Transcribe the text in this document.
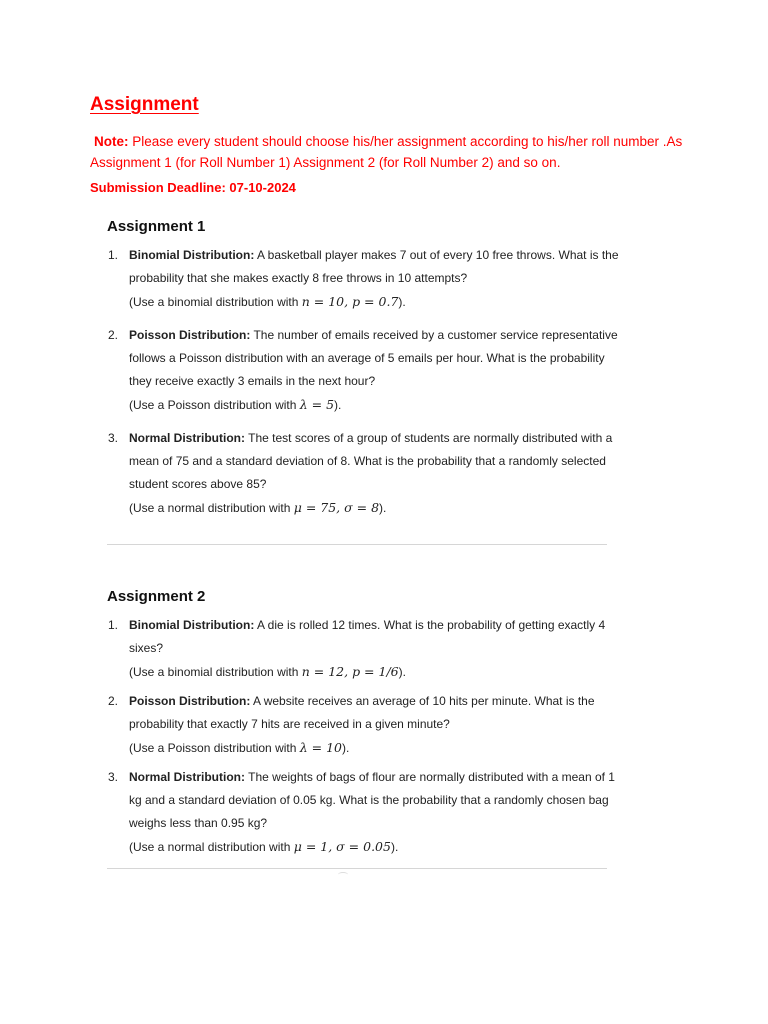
Assignment
Note: Please every student should choose his/her assignment according to his/her roll number .As Assignment 1 (for Roll Number 1) Assignment 2 (for Roll Number 2) and so on.
Submission Deadline: 07-10-2024
Assignment 1
1. Binomial Distribution: A basketball player makes 7 out of every 10 free throws. What is the probability that she makes exactly 8 free throws in 10 attempts?
(Use a binomial distribution with n = 10, p = 0.7).
2. Poisson Distribution: The number of emails received by a customer service representative follows a Poisson distribution with an average of 5 emails per hour. What is the probability they receive exactly 3 emails in the next hour?
(Use a Poisson distribution with λ = 5).
3. Normal Distribution: The test scores of a group of students are normally distributed with a mean of 75 and a standard deviation of 8. What is the probability that a randomly selected student scores above 85?
(Use a normal distribution with μ = 75, σ = 8).
Assignment 2
1. Binomial Distribution: A die is rolled 12 times. What is the probability of getting exactly 4 sixes?
(Use a binomial distribution with n = 12, p = 1/6).
2. Poisson Distribution: A website receives an average of 10 hits per minute. What is the probability that exactly 7 hits are received in a given minute?
(Use a Poisson distribution with λ = 10).
3. Normal Distribution: The weights of bags of flour are normally distributed with a mean of 1 kg and a standard deviation of 0.05 kg. What is the probability that a randomly chosen bag weighs less than 0.95 kg?
(Use a normal distribution with μ = 1, σ = 0.05).
